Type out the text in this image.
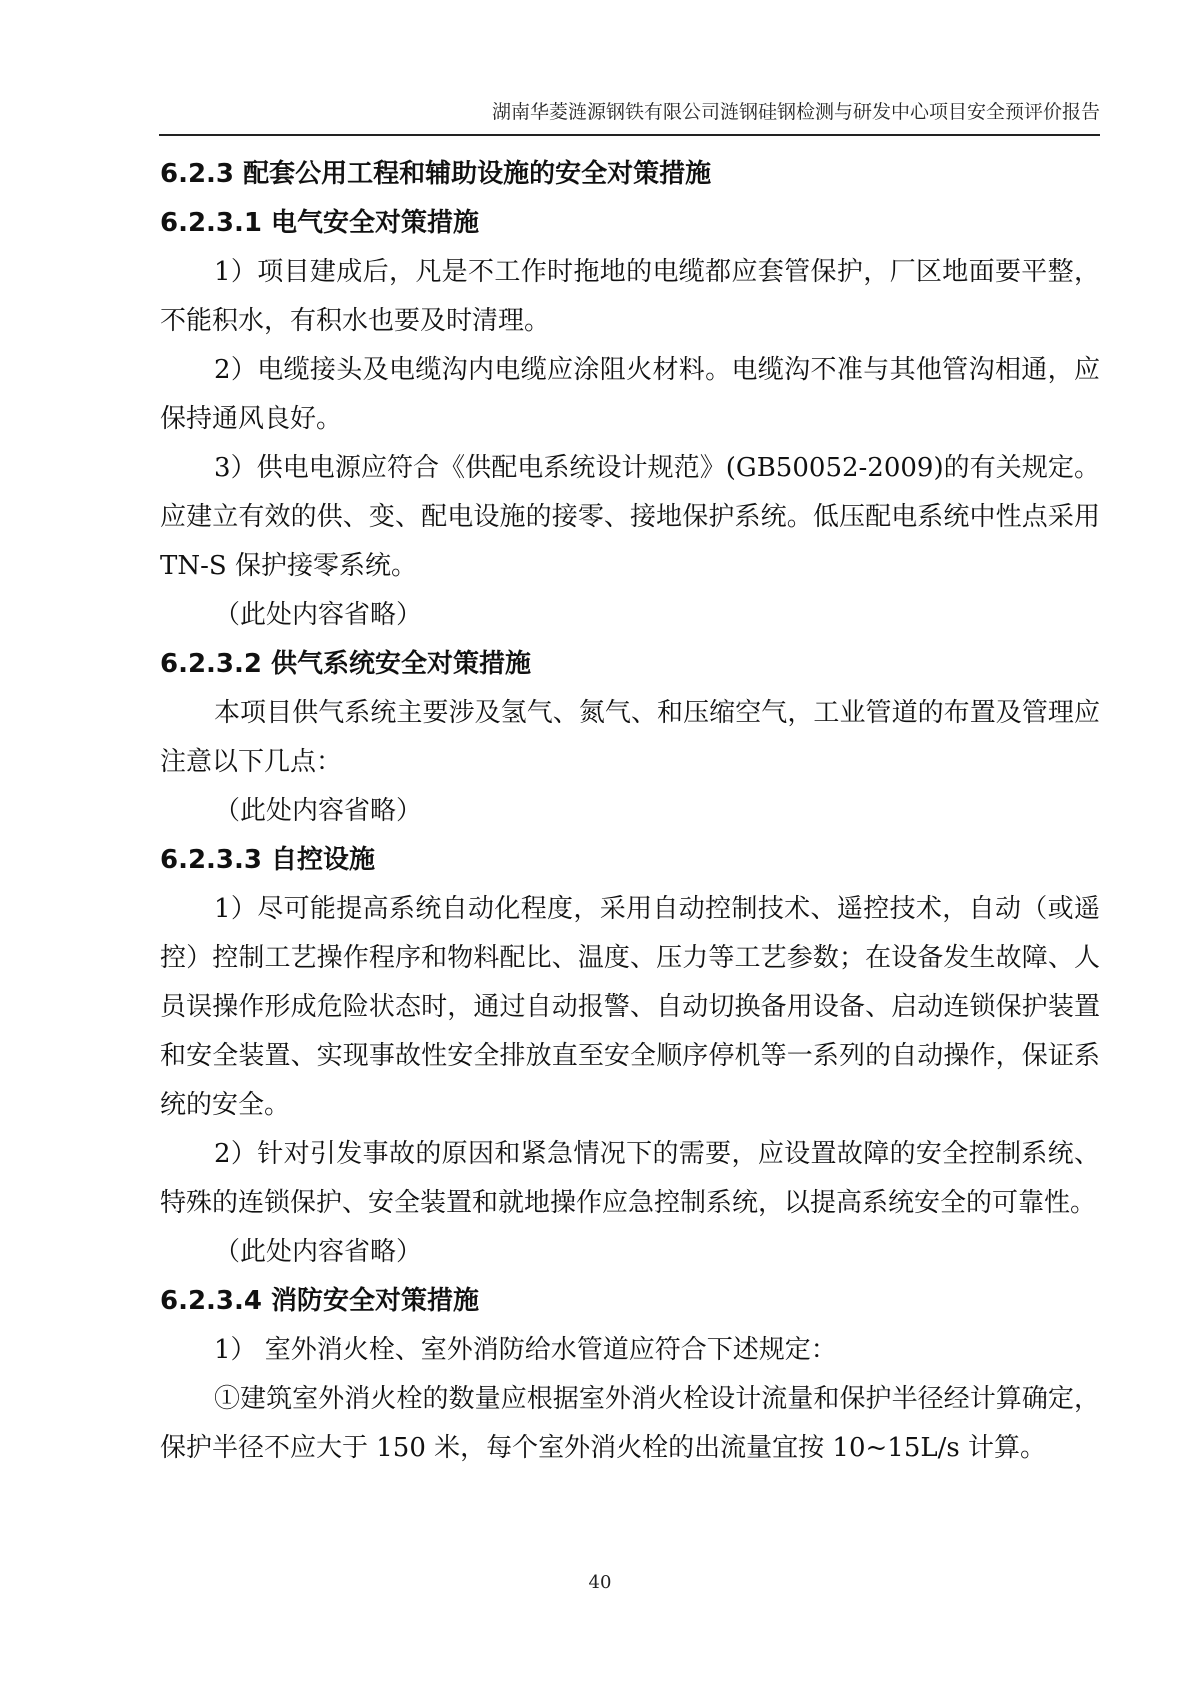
湖南华菱涟源钢铁有限公司涟钢硅钢检测与研发中心项目安全预评价报告
6.2.3 配套公用工程和辅助设施的安全对策措施
6.2.3.1 电气安全对策措施

1）项目建成后，凡是不工作时拖地的电缆都应套管保护，厂区地面要平整，不能积水，有积水也要及时清理。

2）电缆接头及电缆沟内电缆应涂阻火材料。电缆沟不准与其他管沟相通，应保持通风良好。

3）供电电源应符合《供配电系统设计规范》(GB50052-2009)的有关规定。应建立有效的供、变、配电设施的接零、接地保护系统。低压配电系统中性点采用 TN-S 保护接零系统。

（此处内容省略）
6.2.3.2 供气系统安全对策措施

本项目供气系统主要涉及氢气、氮气、和压缩空气，工业管道的布置及管理应注意以下几点：

（此处内容省略）
6.2.3.3 自控设施

1）尽可能提高系统自动化程度，采用自动控制技术、遥控技术，自动（或遥控）控制工艺操作程序和物料配比、温度、压力等工艺参数；在设备发生故障、人员误操作形成危险状态时，通过自动报警、自动切换备用设备、启动连锁保护装置和安全装置、实现事故性安全排放直至安全顺序停机等一系列的自动操作，保证系统的安全。

2）针对引发事故的原因和紧急情况下的需要，应设置故障的安全控制系统、特殊的连锁保护、安全装置和就地操作应急控制系统，以提高系统安全的可靠性。

（此处内容省略）
6.2.3.4 消防安全对策措施

1） 室外消火栓、室外消防给水管道应符合下述规定：

①建筑室外消火栓的数量应根据室外消火栓设计流量和保护半径经计算确定，保护半径不应大于 150 米，每个室外消火栓的出流量宜按 10~15L/s 计算。

40
